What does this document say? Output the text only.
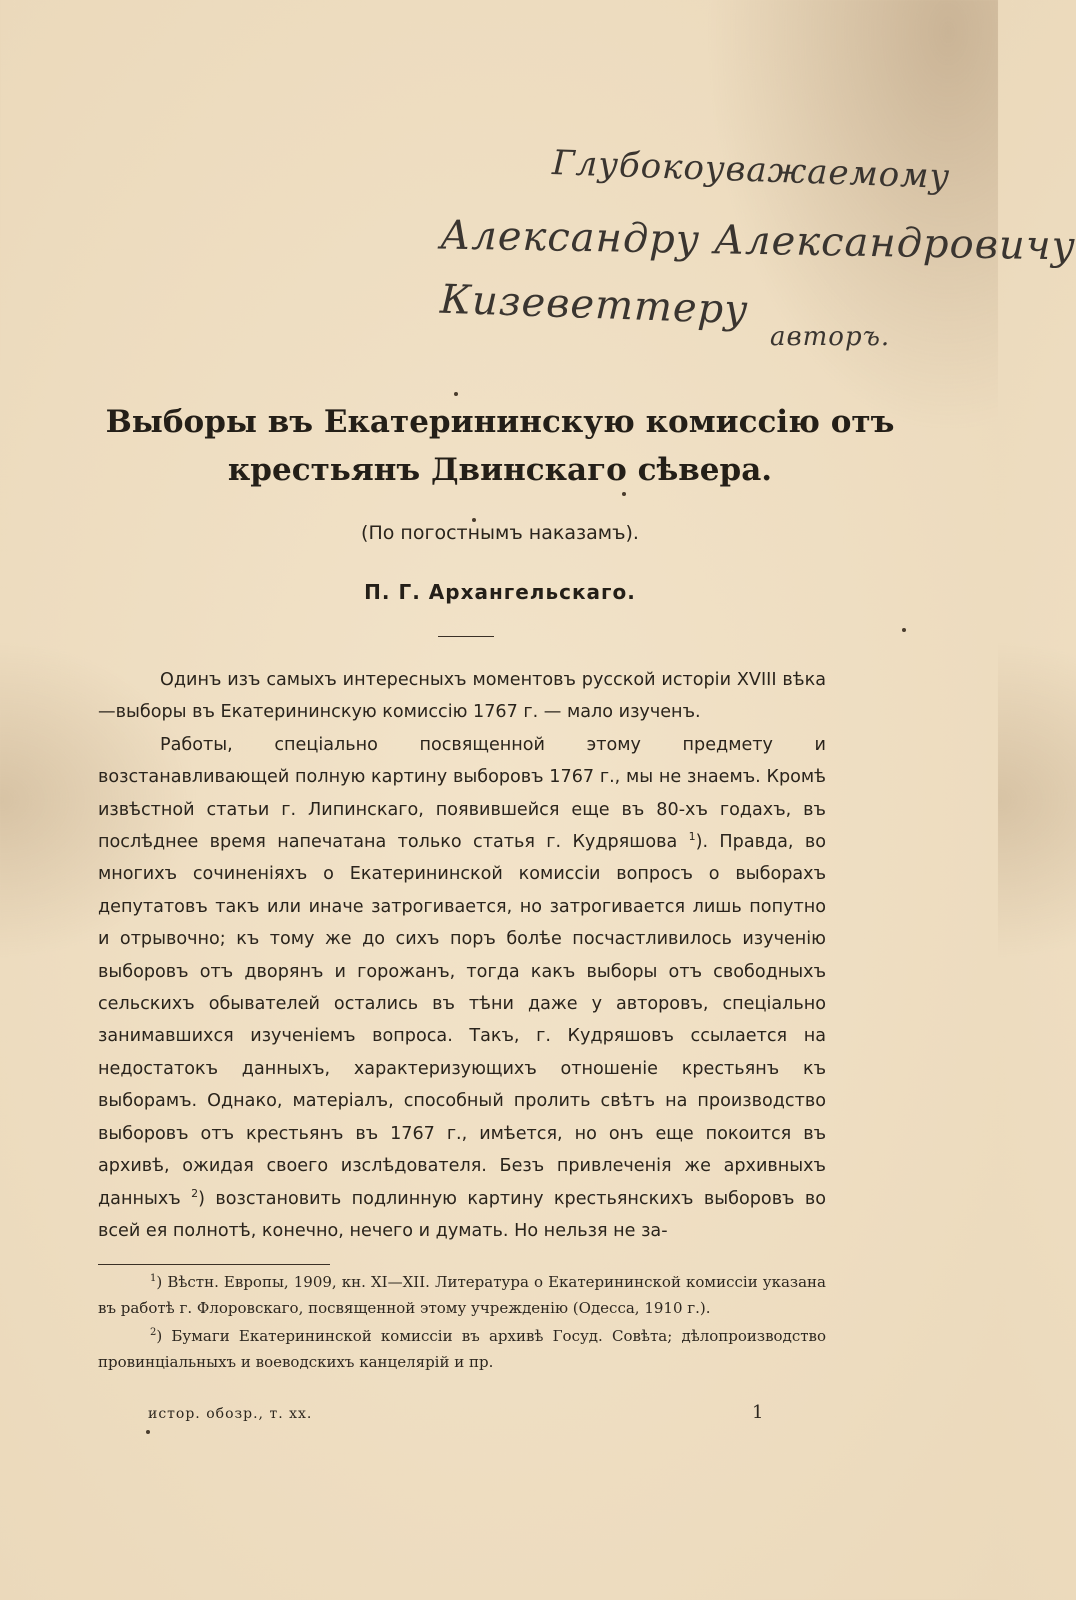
Глубокоуважаемому
Александру Александровичу
Кизеветтеру
авторъ.
Выборы въ Екатерининскую комиссію отъ
крестьянъ Двинскаго сѣвера.
(По погостнымъ наказамъ).
П. Г. Архангельскаго.

Одинъ изъ самыхъ интересныхъ моментовъ русской исторіи XVIII вѣка—выборы въ Екатерининскую комиссію 1767 г. — мало изученъ.

Работы, спеціально посвященной этому предмету и возстанавливающей полную картину выборовъ 1767 г., мы не знаемъ. Кромѣ извѣстной статьи г. Липинскаго, появившейся еще въ 80-хъ годахъ, въ послѣднее время напечатана только статья г. Кудряшова $^1$). Правда, во многихъ сочиненіяхъ о Екатерининской комиссіи вопросъ о выборахъ депутатовъ такъ или иначе затрогивается, но затрогивается лишь попутно и отрывочно; къ тому же до сихъ поръ болѣе посчастливилось изученію выборовъ отъ дворянъ и горожанъ, тогда какъ выборы отъ свободныхъ сельскихъ обывателей остались въ тѣни даже у авторовъ, спеціально занимавшихся изученіемъ вопроса. Такъ, г. Кудряшовъ ссылается на недостатокъ данныхъ, характеризующихъ отношеніе крестьянъ къ выборамъ. Однако, матеріалъ, способный пролить свѣтъ на производство выборовъ отъ крестьянъ въ 1767 г., имѣется, но онъ еще покоится въ архивѣ, ожидая своего изслѣдователя. Безъ привлеченія же архивныхъ данныхъ $^2$) возстановить подлинную картину крестьянскихъ выборовъ во всей ея полнотѣ, конечно, нечего и думать. Но нельзя не за-

$^1$) Вѣстн. Европы, 1909, кн. XI—XII. Литература о Екатерининской комиссіи указана въ работѣ г. Флоровскаго, посвященной этому учрежденію (Одесса, 1910 г.).

$^2$) Бумаги Екатерининской комиссіи въ архивѣ Госуд. Совѣта; дѣлопроизводство провинціальныхъ и воеводскихъ канцелярій и пр.

истор. обозр., т. xx.	1
